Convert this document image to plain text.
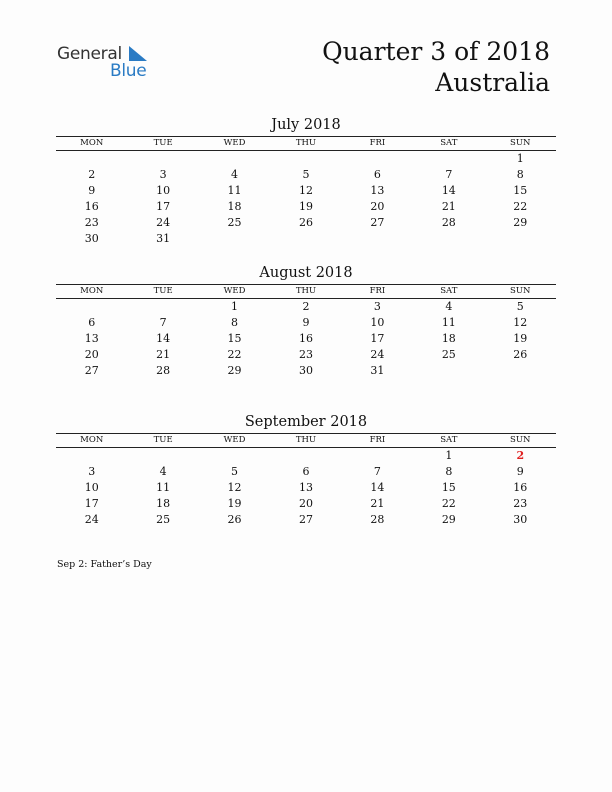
General
Blue
Quarter 3 of 2018
Australia
July 2018
MON	TUE	WED	THU	FRI	SAT	SUN
						1
2	3	4	5	6	7	8
9	10	11	12	13	14	15
16	17	18	19	20	21	22
23	24	25	26	27	28	29
30	31					
August 2018
MON	TUE	WED	THU	FRI	SAT	SUN
		1	2	3	4	5
6	7	8	9	10	11	12
13	14	15	16	17	18	19
20	21	22	23	24	25	26
27	28	29	30	31		
September 2018
MON	TUE	WED	THU	FRI	SAT	SUN
					1	2
3	4	5	6	7	8	9
10	11	12	13	14	15	16
17	18	19	20	21	22	23
24	25	26	27	28	29	30
Sep 2: Father’s Day
